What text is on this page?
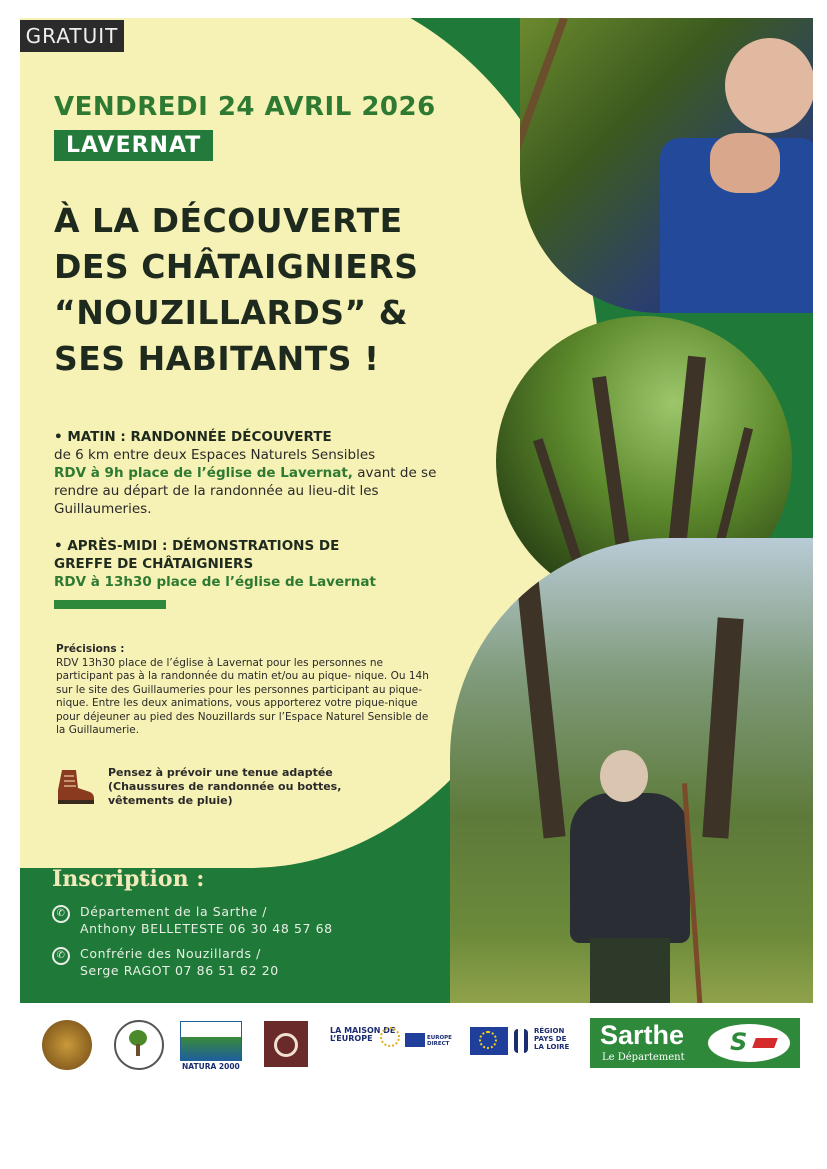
GRATUIT
VENDREDI 24 AVRIL 2026
LAVERNAT
À LA DÉCOUVERTE
DES CHÂTAIGNIERS
“NOUZILLARDS” &
SES HABITANTS !
• MATIN : RANDONNÉE DÉCOUVERTE
de 6 km entre deux Espaces Naturels Sensibles
RDV à 9h place de l’église de Lavernat, avant de se rendre au départ de la randonnée au lieu-dit les Guillaumeries.
• APRÈS-MIDI : DÉMONSTRATIONS DE GREFFE DE CHÂTAIGNIERS
RDV à 13h30 place de l’église de Lavernat
Précisions :
RDV 13h30 place de l’église à Lavernat pour les personnes ne participant pas à la randonnée du matin et/ou au pique- nique. Ou 14h sur le site des Guillaumeries pour les personnes participant au pique-nique. Entre les deux animations, vous apporterez votre pique-nique pour déjeuner au pied des Nouzillards sur l’Espace Naturel Sensible de la Guillaumerie.
Pensez à prévoir une tenue adaptée (Chaussures de randonnée ou bottes, vêtements de pluie)
Inscription :
✆	Département de la Sarthe /
Anthony BELLETESTE 06 30 48 57 68
✆	Confrérie des Nouzillards /
Serge RAGOT 07 86 51 62 20
NATURA 2000
LA MAISON DE L’EUROPE	EUROPE DIRECT
RÉGION PAYS DE LA LOIRE Sarthe
Le Département
S
